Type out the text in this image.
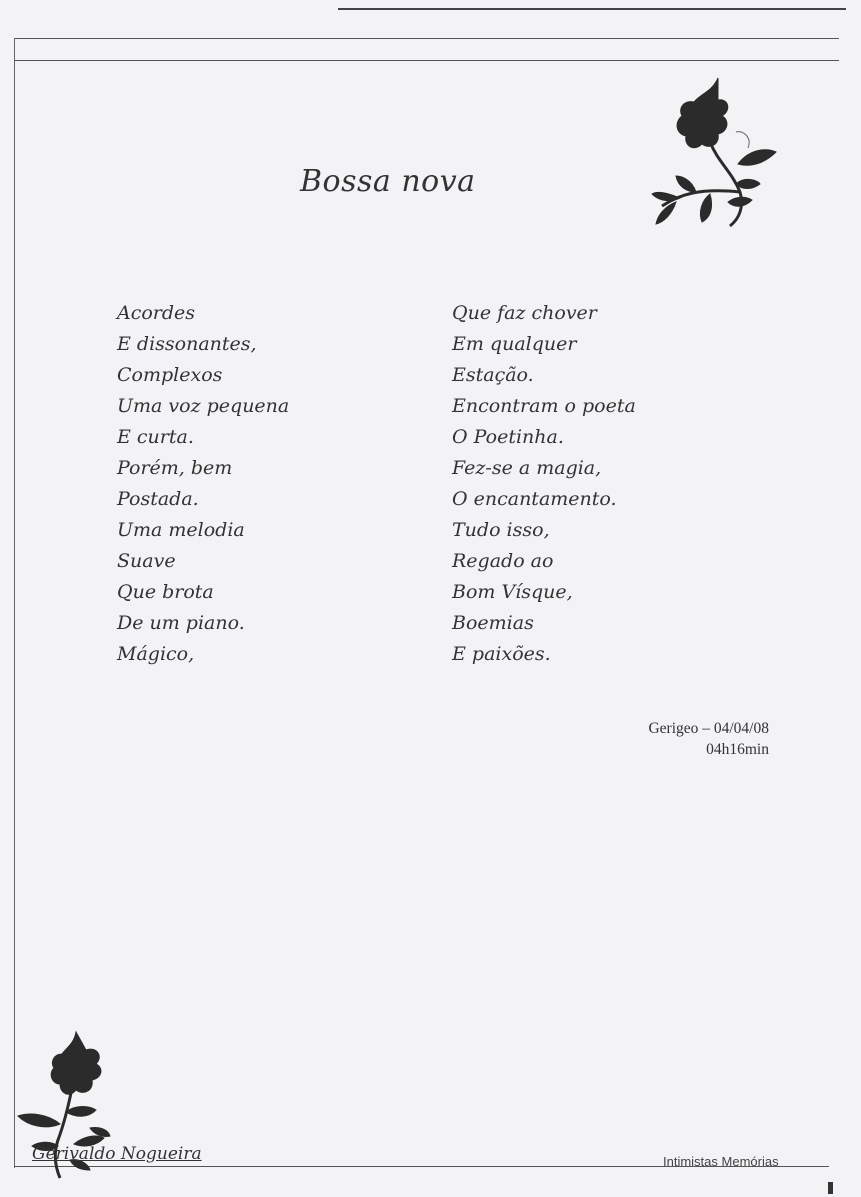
Bossa nova
Acordes
E dissonantes,
Complexos
Uma voz pequena
E curta.
Porém, bem
Postada.
Uma melodia
Suave
Que brota
De um piano.
Mágico,
Que faz chover
Em qualquer
Estação.
Encontram o poeta
O Poetinha.
Fez-se a magia,
O encantamento.
Tudo isso,
Regado ao
Bom Vísque,
Boemias
E paixões.
Gerigeo – 04/04/08
04h16min
Gerivaldo Nogueira	Intimistas Memórias
